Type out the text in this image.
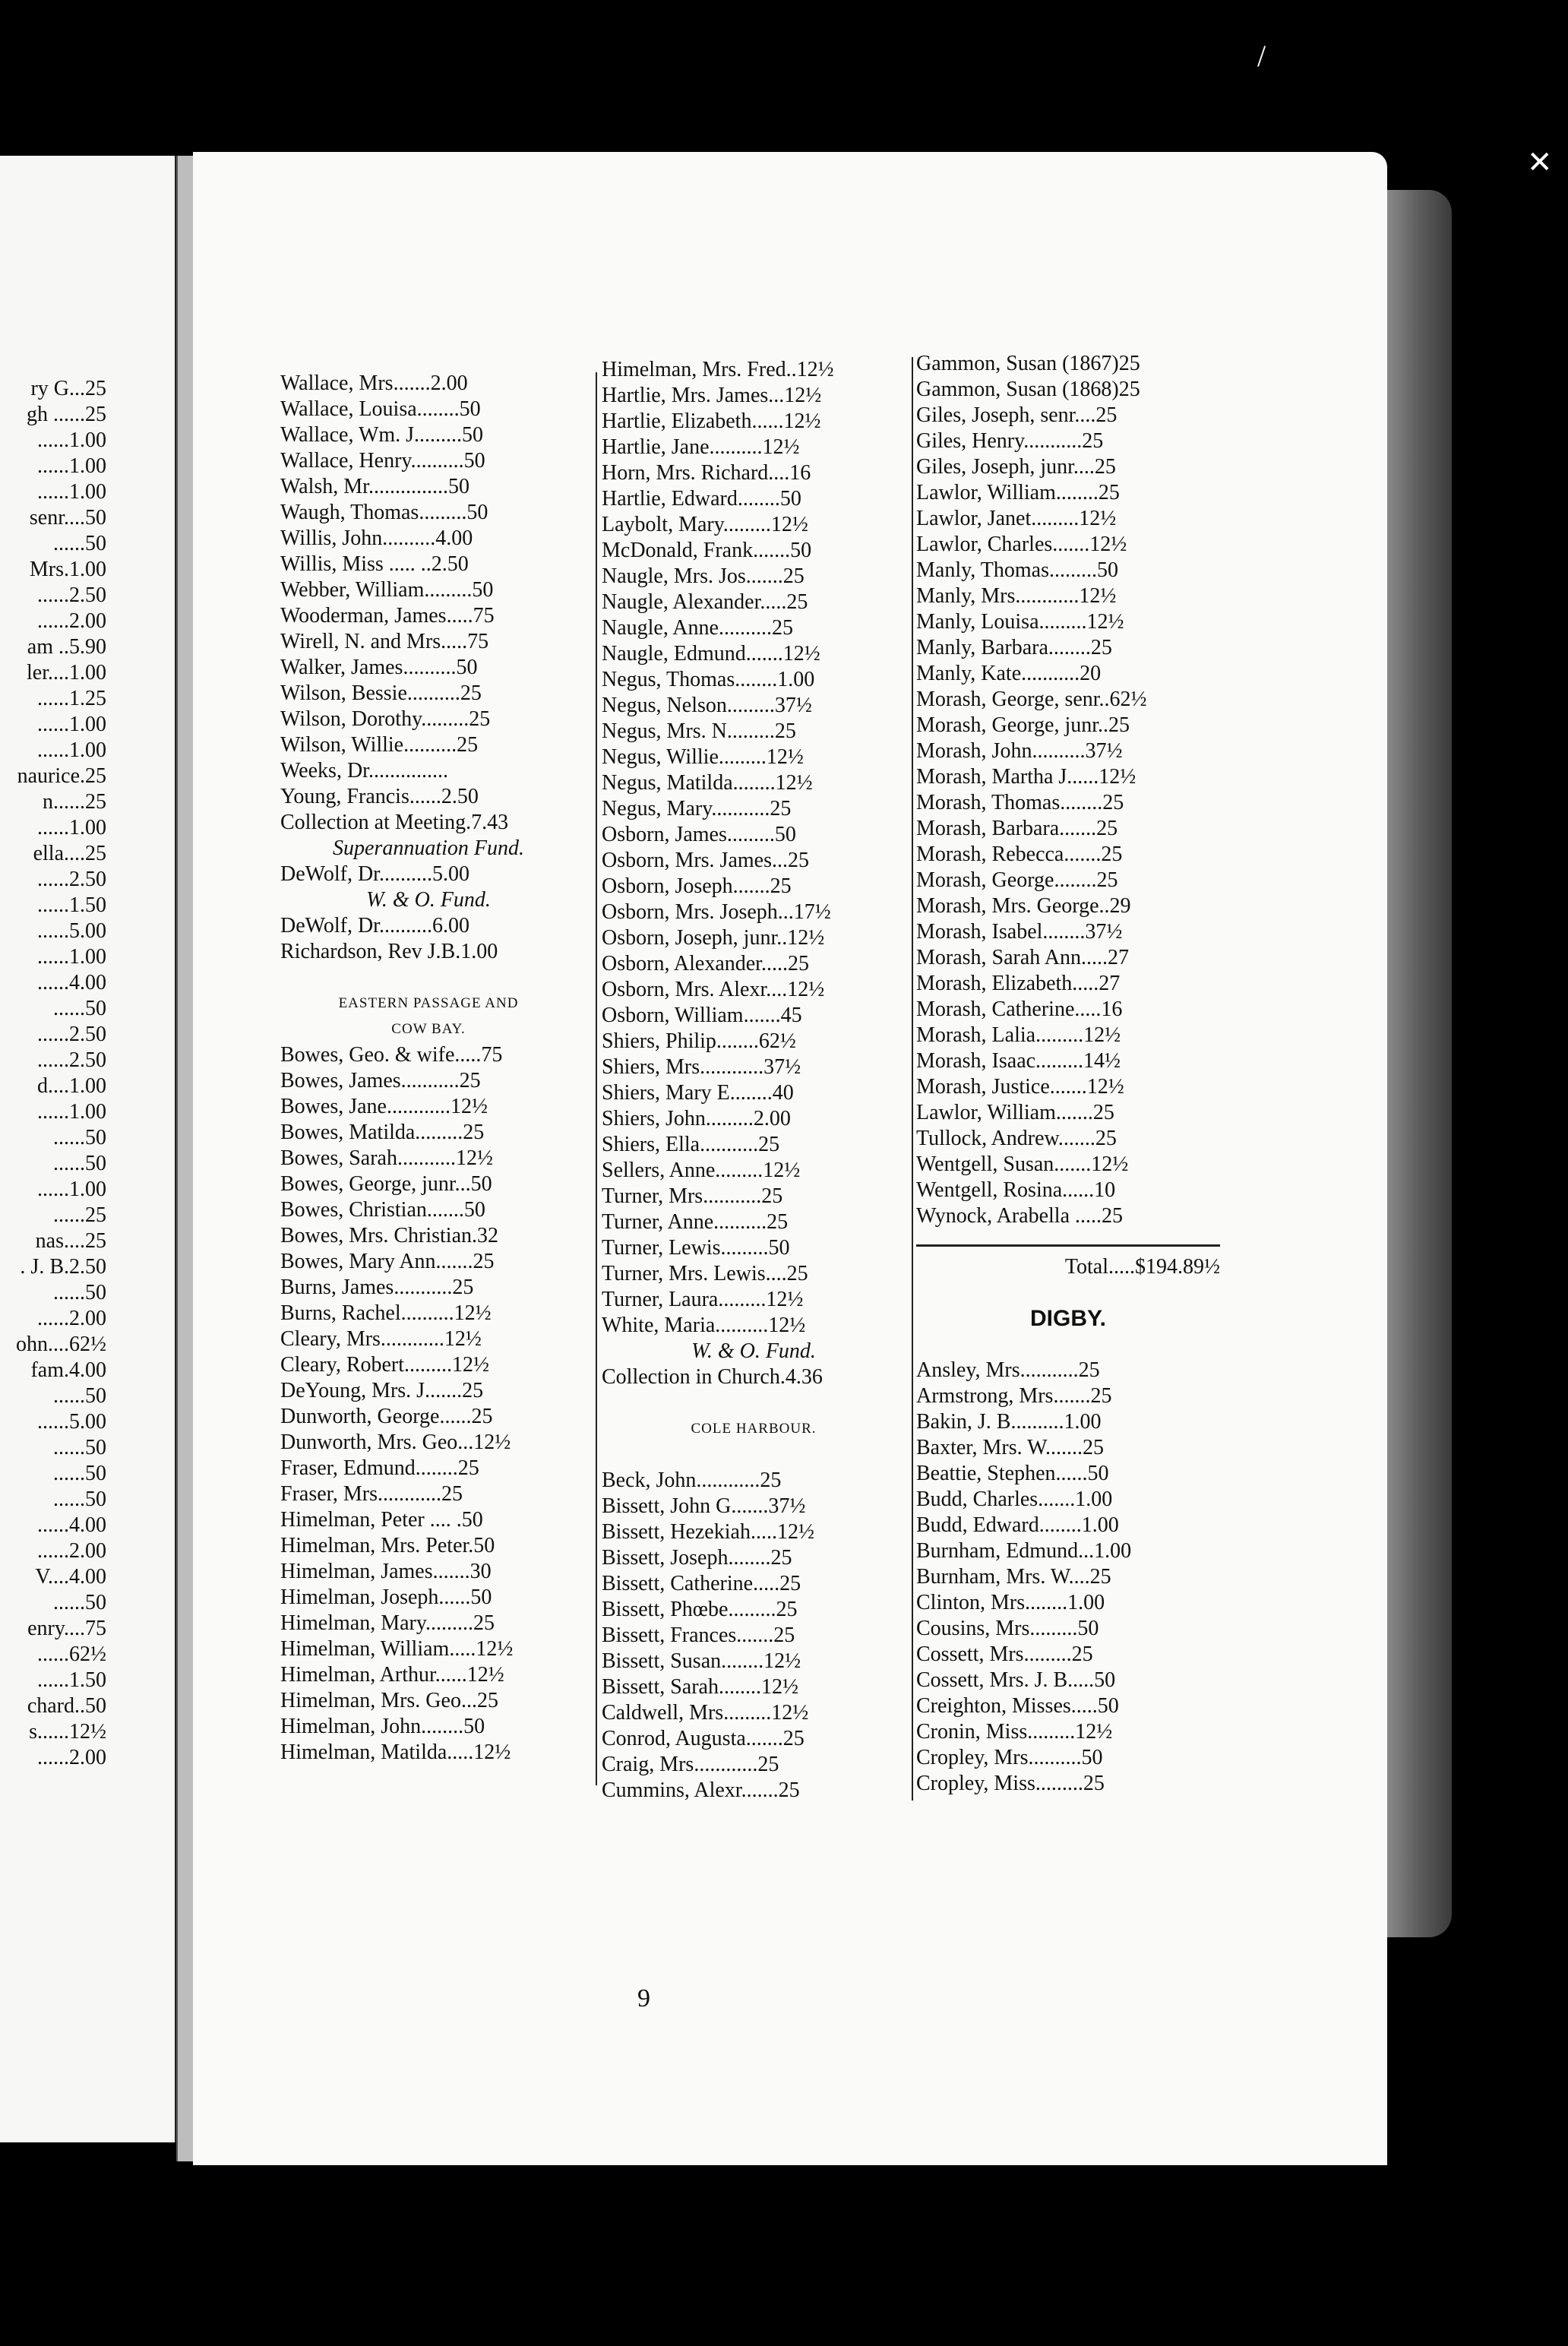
ry G...25
gh ......25
......1.00
......1.00
......1.00
senr....50
......50
Mrs.1.00
......2.50
......2.00
am ..5.90
ler....1.00
......1.25
......1.00
......1.00
naurice.25
n......25
......1.00
ella....25
......2.50
......1.50
......5.00
......1.00
......4.00
......50
......2.50
......2.50
d....1.00
......1.00
......50
......50
......1.00
......25
nas....25
. J. B.2.50
......50
......2.00
ohn....62½
fam.4.00
......50
......5.00
......50
......50
......50
......4.00
......2.00
V....4.00
......50
enry....75
......62½
......1.50
chard..50
s......12½
......2.00
Wallace, Mrs.......2.00
Wallace, Louisa........50
Wallace, Wm. J.........50
Wallace, Henry..........50
Walsh, Mr...............50
Waugh, Thomas.........50
Willis, John..........4.00
Willis, Miss ..... ..2.50
Webber, William.........50
Wooderman, James.....75
Wirell, N. and Mrs.....75
Walker, James..........50
Wilson, Bessie..........25
Wilson, Dorothy.........25
Wilson, Willie..........25
Weeks, Dr...............
Young, Francis......2.50
Collection at Meeting.7.43
Superannuation Fund.
DeWolf, Dr..........5.00
W. & O. Fund.
DeWolf, Dr..........6.00
Richardson, Rev J.B.1.00
EASTERN PASSAGE AND
COW BAY.
Bowes, Geo. & wife.....75
Bowes, James...........25
Bowes, Jane............12½
Bowes, Matilda.........25
Bowes, Sarah...........12½
Bowes, George, junr...50
Bowes, Christian.......50
Bowes, Mrs. Christian.32
Bowes, Mary Ann.......25
Burns, James...........25
Burns, Rachel..........12½
Cleary, Mrs............12½
Cleary, Robert.........12½
DeYoung, Mrs. J.......25
Dunworth, George......25
Dunworth, Mrs. Geo...12½
Fraser, Edmund........25
Fraser, Mrs............25
Himelman, Peter .... .50
Himelman, Mrs. Peter.50
Himelman, James.......30
Himelman, Joseph......50
Himelman, Mary.........25
Himelman, William.....12½
Himelman, Arthur......12½
Himelman, Mrs. Geo...25
Himelman, John........50
Himelman, Matilda.....12½
Himelman, Mrs. Fred..12½
Hartlie, Mrs. James...12½
Hartlie, Elizabeth......12½
Hartlie, Jane..........12½
Horn, Mrs. Richard....16
Hartlie, Edward........50
Laybolt, Mary.........12½
McDonald, Frank.......50
Naugle, Mrs. Jos.......25
Naugle, Alexander.....25
Naugle, Anne..........25
Naugle, Edmund.......12½
Negus, Thomas........1.00
Negus, Nelson.........37½
Negus, Mrs. N.........25
Negus, Willie.........12½
Negus, Matilda........12½
Negus, Mary...........25
Osborn, James.........50
Osborn, Mrs. James...25
Osborn, Joseph.......25
Osborn, Mrs. Joseph...17½
Osborn, Joseph, junr..12½
Osborn, Alexander.....25
Osborn, Mrs. Alexr....12½
Osborn, William.......45
Shiers, Philip........62½
Shiers, Mrs............37½
Shiers, Mary E........40
Shiers, John.........2.00
Shiers, Ella...........25
Sellers, Anne.........12½
Turner, Mrs...........25
Turner, Anne..........25
Turner, Lewis.........50
Turner, Mrs. Lewis....25
Turner, Laura.........12½
White, Maria..........12½
W. & O. Fund.
Collection in Church.4.36
COLE HARBOUR.
Beck, John............25
Bissett, John G.......37½
Bissett, Hezekiah.....12½
Bissett, Joseph........25
Bissett, Catherine.....25
Bissett, Phœbe.........25
Bissett, Frances.......25
Bissett, Susan........12½
Bissett, Sarah........12½
Caldwell, Mrs.........12½
Conrod, Augusta.......25
Craig, Mrs............25
Cummins, Alexr.......25
Gammon, Susan (1867)25
Gammon, Susan (1868)25
Giles, Joseph, senr....25
Giles, Henry...........25
Giles, Joseph, junr....25
Lawlor, William........25
Lawlor, Janet.........12½
Lawlor, Charles.......12½
Manly, Thomas.........50
Manly, Mrs............12½
Manly, Louisa.........12½
Manly, Barbara........25
Manly, Kate...........20
Morash, George, senr..62½
Morash, George, junr..25
Morash, John..........37½
Morash, Martha J......12½
Morash, Thomas........25
Morash, Barbara.......25
Morash, Rebecca.......25
Morash, George........25
Morash, Mrs. George..29
Morash, Isabel........37½
Morash, Sarah Ann.....27
Morash, Elizabeth.....27
Morash, Catherine.....16
Morash, Lalia.........12½
Morash, Isaac.........14½
Morash, Justice.......12½
Lawlor, William.......25
Tullock, Andrew.......25
Wentgell, Susan.......12½
Wentgell, Rosina......10
Wynock, Arabella .....25
Total.....$194.89½
DIGBY.
Ansley, Mrs...........25
Armstrong, Mrs.......25
Bakin, J. B..........1.00
Baxter, Mrs. W.......25
Beattie, Stephen......50
Budd, Charles.......1.00
Budd, Edward........1.00
Burnham, Edmund...1.00
Burnham, Mrs. W....25
Clinton, Mrs........1.00
Cousins, Mrs.........50
Cossett, Mrs.........25
Cossett, Mrs. J. B.....50
Creighton, Misses.....50
Cronin, Miss.........12½
Cropley, Mrs..........50
Cropley, Miss.........25
9
/
✕
